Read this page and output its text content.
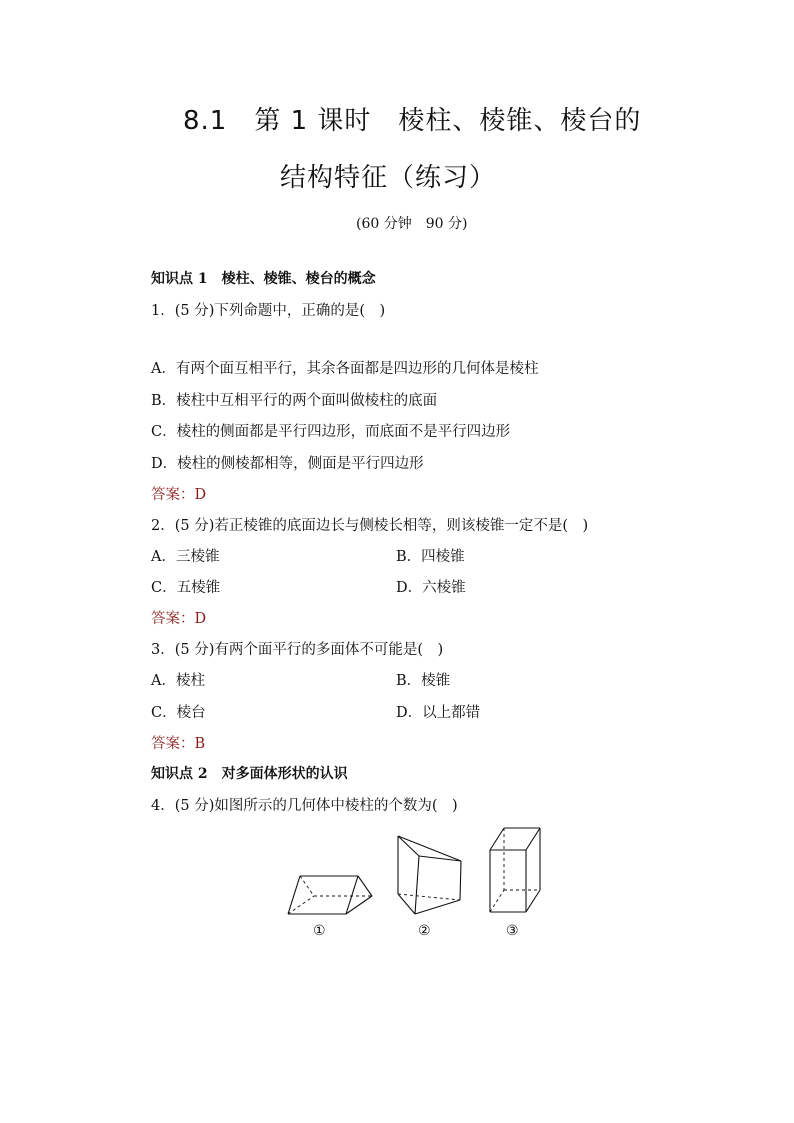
8.1　第 1 课时　棱柱、棱锥、棱台的
结构特征（练习）
(60 分钟　90 分)
知识点 1　棱柱、棱锥、棱台的概念
1．(5 分)下列命题中，正确的是(　)
A．有两个面互相平行，其余各面都是四边形的几何体是棱柱
B．棱柱中互相平行的两个面叫做棱柱的底面
C．棱柱的侧面都是平行四边形，而底面不是平行四边形
D．棱柱的侧棱都相等，侧面是平行四边形
答案：D
2．(5 分)若正棱锥的底面边长与侧棱长相等，则该棱锥一定不是(　)
A．三棱锥	B．四棱锥
C．五棱锥	D．六棱锥
答案：D
3．(5 分)有两个面平行的多面体不可能是(　)
A．棱柱	B．棱锥
C．棱台	D．以上都错
答案：B
知识点 2　对多面体形状的认识
4．(5 分)如图所示的几何体中棱柱的个数为(　)
①	②	③
